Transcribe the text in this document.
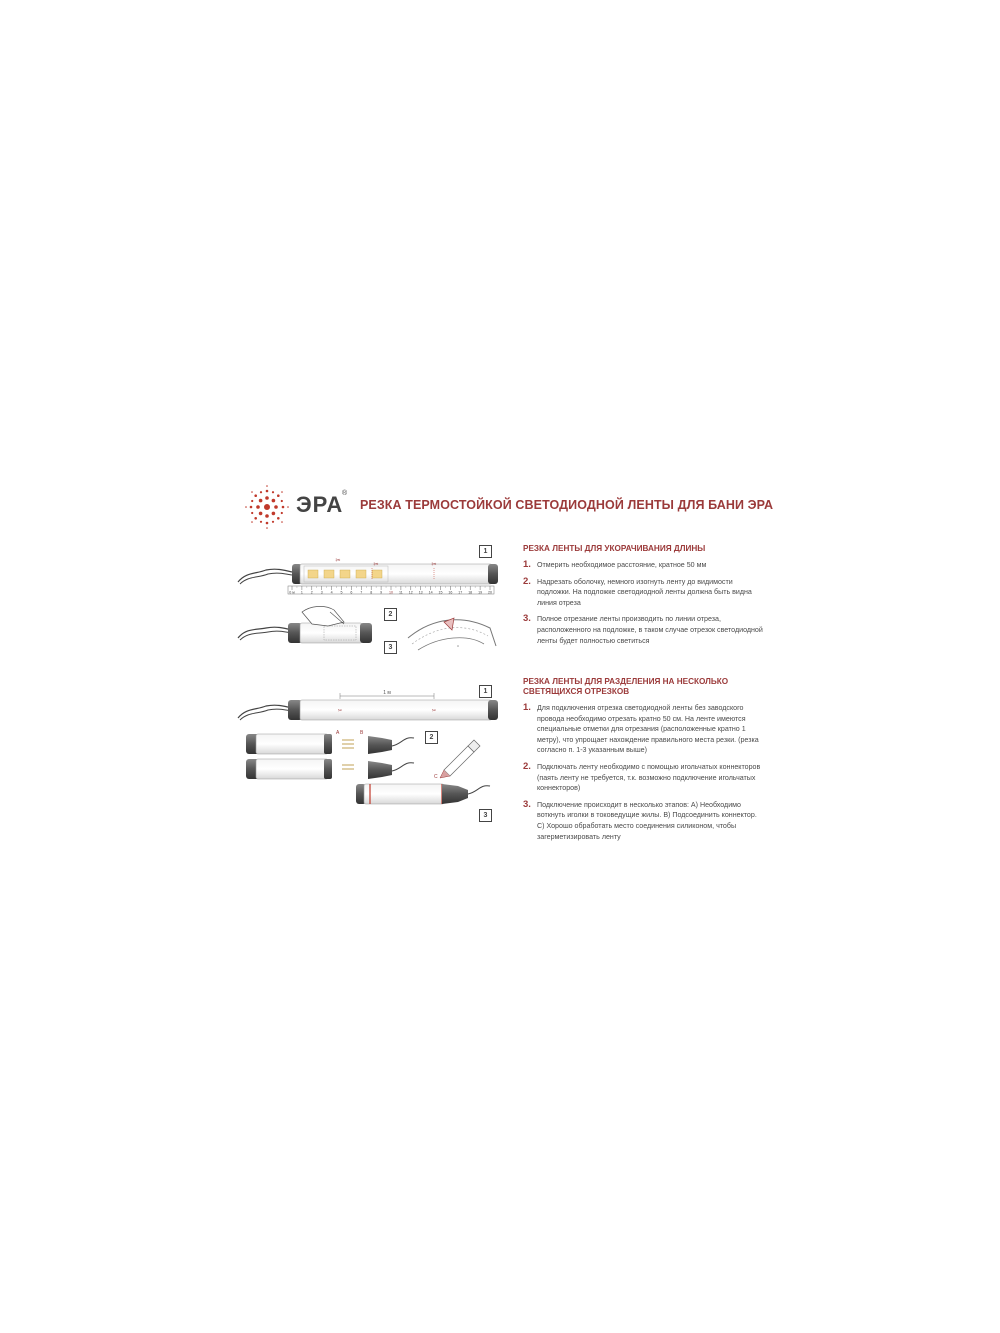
ЭРА
®
РЕЗКА ТЕРМОСТОЙКОЙ СВЕТОДИОДНОЙ ЛЕНТЫ ДЛЯ БАНИ ЭРА
✂
✂	✂
0 м 1 2 3 4 5 6 7 8 9 10 11 12 13 14 15 16 17 18 19 20
1 м
✂	✂
A	B
C
1
2
3
1
2
3
РЕЗКА ЛЕНТЫ ДЛЯ УКОРАЧИВАНИЯ ДЛИНЫ
1. Отмерить необходимое расстояние, кратное 50 мм
2. Надрезать оболочку, немного изогнуть ленту до видимости подложки. На подложке светодиодной ленты должна быть видна линия отреза
3. Полное отрезание ленты производить по линии отреза, расположенного на подложке, в таком случае отрезок светодиодной ленты будет полностью светиться
РЕЗКА ЛЕНТЫ ДЛЯ РАЗДЕЛЕНИЯ НА НЕСКОЛЬКО СВЕТЯЩИХСЯ ОТРЕЗКОВ
1. Для подключения отрезка светодиодной ленты без заводского провода необходимо отрезать кратно 50 см. На ленте имеются специальные отметки для отрезания (расположенные кратно 1 метру), что упрощает нахождение правильного места резки. (резка согласно п. 1-3 указанным выше)
2. Подключать ленту необходимо с помощью игольчатых коннекторов (паять ленту не требуется, т.к. возможно подключение игольчатых коннекторов)
3. Подключение происходит в несколько этапов: A) Необходимо воткнуть иголки в токоведущие жилы. B) Подсоединить коннектор. C) Хорошо обработать место соединения силиконом, чтобы загерметизировать ленту
